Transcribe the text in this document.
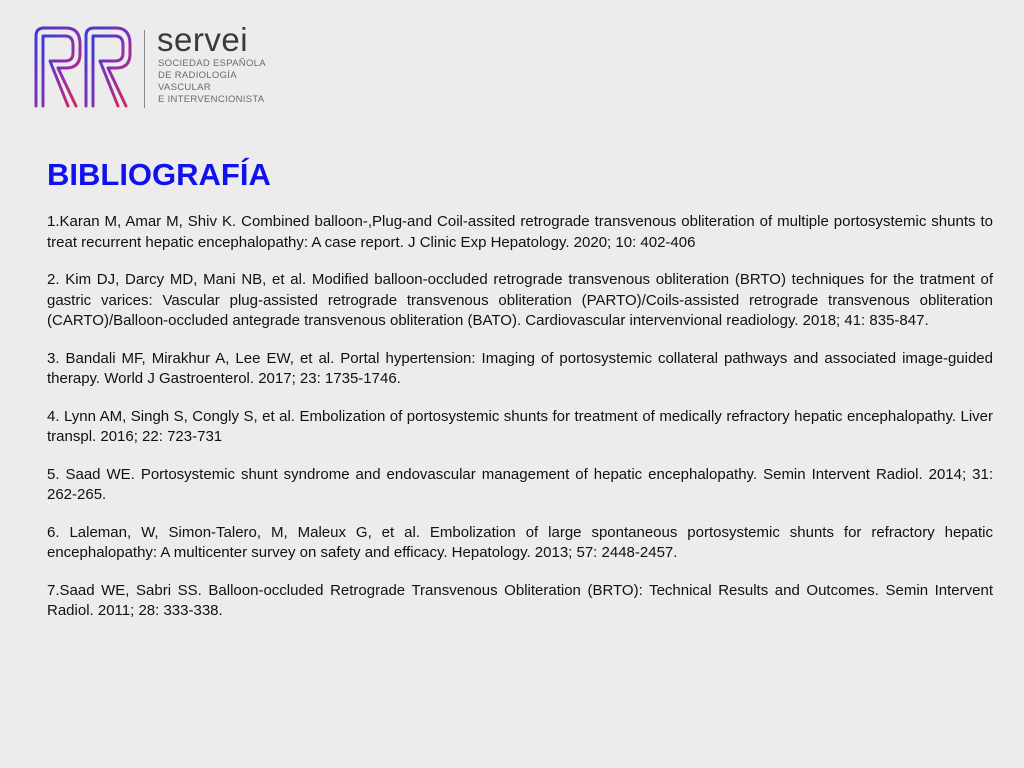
servei
SOCIEDAD ESPAÑOLA
DE RADIOLOGÍA
VASCULAR
E INTERVENCIONISTA
BIBLIOGRAFÍA

1.Karan M, Amar M, Shiv K. Combined balloon-,Plug-and Coil-assited retrograde transvenous obliteration of multiple portosystemic shunts to treat recurrent hepatic encephalopathy: A case report. J Clinic Exp Hepatology. 2020; 10: 402-406

2. Kim DJ, Darcy MD, Mani NB, et al. Modified balloon-occluded retrograde transvenous obliteration (BRTO) techniques for the tratment of gastric varices: Vascular plug-assisted retrograde transvenous obliteration (PARTO)/Coils-assisted retrograde transvenous obliteration (CARTO)/Balloon-occluded antegrade transvenous obliteration (BATO). Cardiovascular intervenvional readiology. 2018; 41: 835-847.

3. Bandali MF, Mirakhur A, Lee EW, et al. Portal hypertension: Imaging of portosystemic collateral pathways and associated image-guided therapy. World J Gastroenterol. 2017; 23: 1735-1746.

4. Lynn AM, Singh S, Congly S, et al. Embolization of portosystemic shunts for treatment of medically refractory hepatic encephalopathy. Liver transpl. 2016; 22: 723-731

5. Saad WE. Portosystemic shunt syndrome and endovascular management of hepatic encephalopathy. Semin Intervent Radiol. 2014; 31: 262-265.

6. Laleman, W, Simon-Talero, M, Maleux G, et al. Embolization of large spontaneous portosystemic shunts for refractory hepatic encephalopathy: A multicenter survey on safety and efficacy. Hepatology. 2013; 57: 2448-2457.

7.Saad WE, Sabri SS. Balloon-occluded Retrograde Transvenous Obliteration (BRTO): Technical Results and Outcomes. Semin Intervent Radiol. 2011; 28: 333-338.
